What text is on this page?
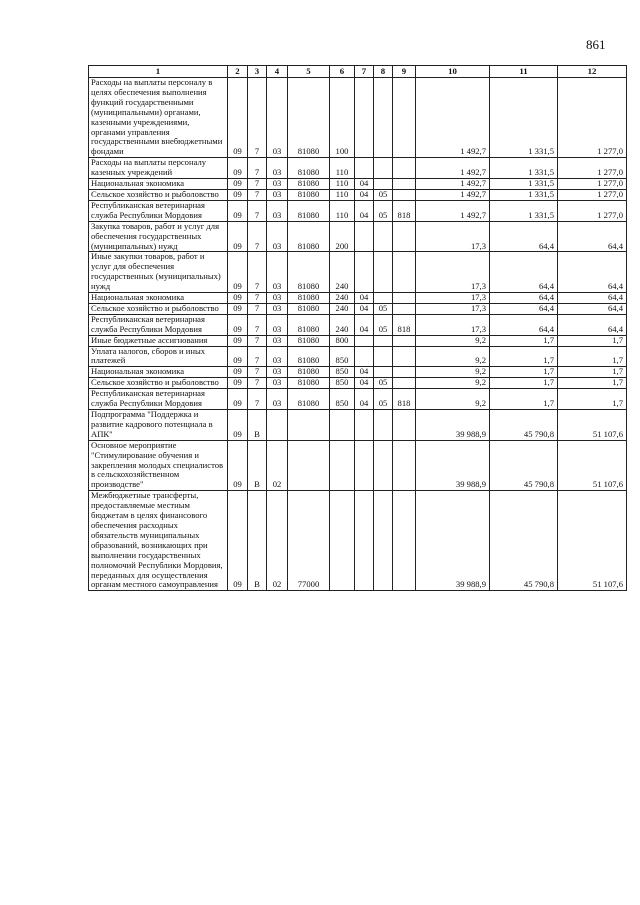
861
1	2	3	4	5	6	7	8	9	10	11	12
Расходы на выплаты персоналу в целях обеспечения выполнения функций государственными (муниципальными) органами, казенными учреждениями, органами управления государственными внебюджетными фондами	09	7	03	81080	100				1 492,7	1 331,5	1 277,0
Расходы на выплаты персоналу казенных учреждений	09	7	03	81080	110				1 492,7	1 331,5	1 277,0
Национальная экономика	09	7	03	81080	110	04			1 492,7	1 331,5	1 277,0
Сельское хозяйство и рыболовство	09	7	03	81080	110	04	05		1 492,7	1 331,5	1 277,0
Республиканская ветеринарная служба Республики Мордовия	09	7	03	81080	110	04	05	818	1 492,7	1 331,5	1 277,0
Закупка товаров, работ и услуг для обеспечения государственных (муниципальных) нужд	09	7	03	81080	200				17,3	64,4	64,4
Иные закупки товаров, работ и услуг для обеспечения государственных (муниципальных) нужд	09	7	03	81080	240				17,3	64,4	64,4
Национальная экономика	09	7	03	81080	240	04			17,3	64,4	64,4
Сельское хозяйство и рыболовство	09	7	03	81080	240	04	05		17,3	64,4	64,4
Республиканская ветеринарная служба Республики Мордовия	09	7	03	81080	240	04	05	818	17,3	64,4	64,4
Иные бюджетные ассигнования	09	7	03	81080	800				9,2	1,7	1,7
Уплата налогов, сборов и иных платежей	09	7	03	81080	850				9,2	1,7	1,7
Национальная экономика	09	7	03	81080	850	04			9,2	1,7	1,7
Сельское хозяйство и рыболовство	09	7	03	81080	850	04	05		9,2	1,7	1,7
Республиканская ветеринарная служба Республики Мордовия	09	7	03	81080	850	04	05	818	9,2	1,7	1,7
Подпрограмма "Поддержка и развитие кадрового потенциала в АПК"	09	В							39 988,9	45 790,8	51 107,6
Основное мероприятие "Стимулирование обучения и закрепления молодых специалистов в сельскохозяйственном производстве"	09	В	02						39 988,9	45 790,8	51 107,6
Межбюджетные трансферты, предоставляемые местным бюджетам в целях финансового обеспечения расходных обязательств муниципальных образований, возникающих при выполнении государственных полномочий Республики Мордовия, переданных для осуществления органам местного самоуправления	09	В	02	77000					39 988,9	45 790,8	51 107,6
